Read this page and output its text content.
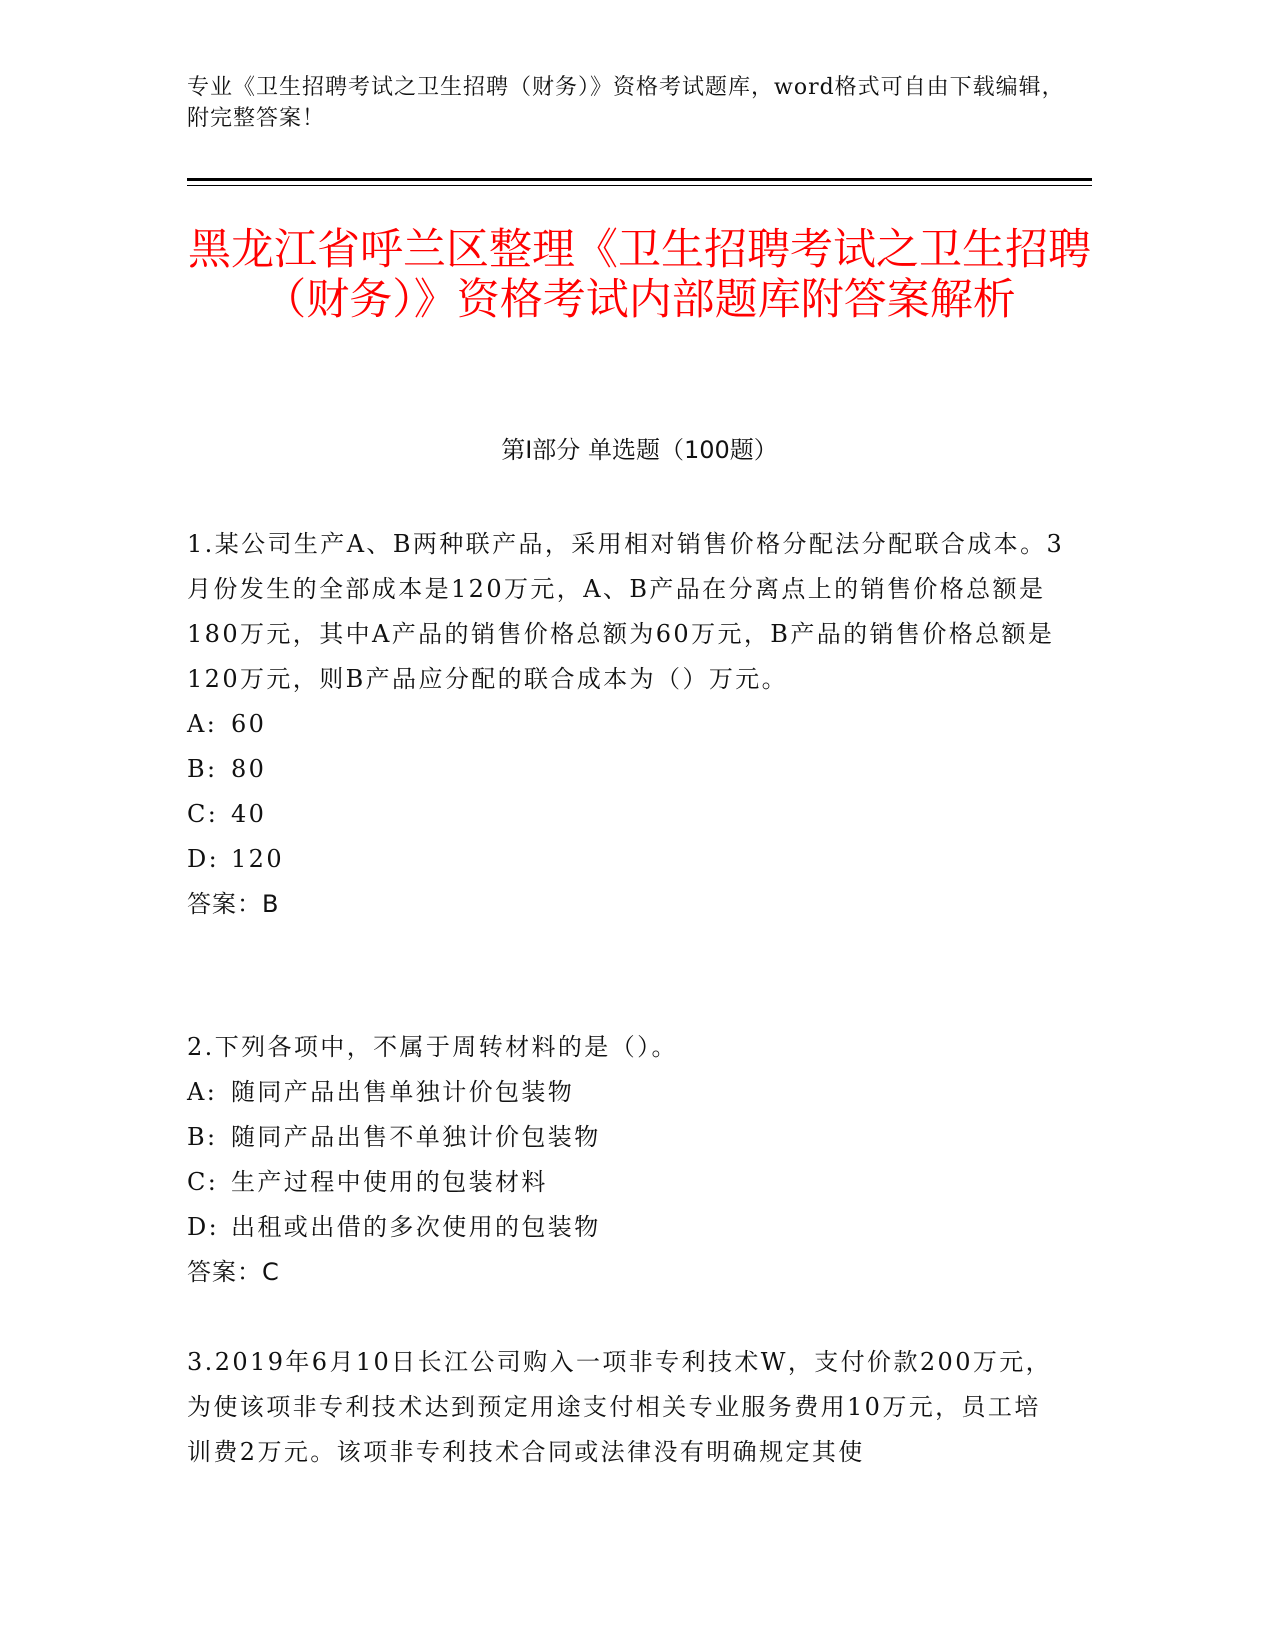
专业《卫生招聘考试之卫生招聘（财务）》资格考试题库，word格式可自由下载编辑，附完整答案！
黑龙江省呼兰区整理《卫生招聘考试之卫生招聘（财务）》资格考试内部题库附答案解析
第Ⅰ部分 单选题（100题）
1.某公司生产A、B两种联产品，采用相对销售价格分配法分配联合成本。3月份发生的全部成本是120万元，A、B产品在分离点上的销售价格总额是180万元，其中A产品的销售价格总额为60万元，B产品的销售价格总额是120万元，则B产品应分配的联合成本为（）万元。
A: 60
B: 80
C: 40
D: 120
答案：B
2.下列各项中，不属于周转材料的是（）。
A: 随同产品出售单独计价包装物
B: 随同产品出售不单独计价包装物
C: 生产过程中使用的包装材料
D: 出租或出借的多次使用的包装物
答案：C
3.2019年6月10日长江公司购入一项非专利技术W，支付价款200万元，为使该项非专利技术达到预定用途支付相关专业服务费用10万元，员工培训费2万元。该项非专利技术合同或法律没有明确规定其使
